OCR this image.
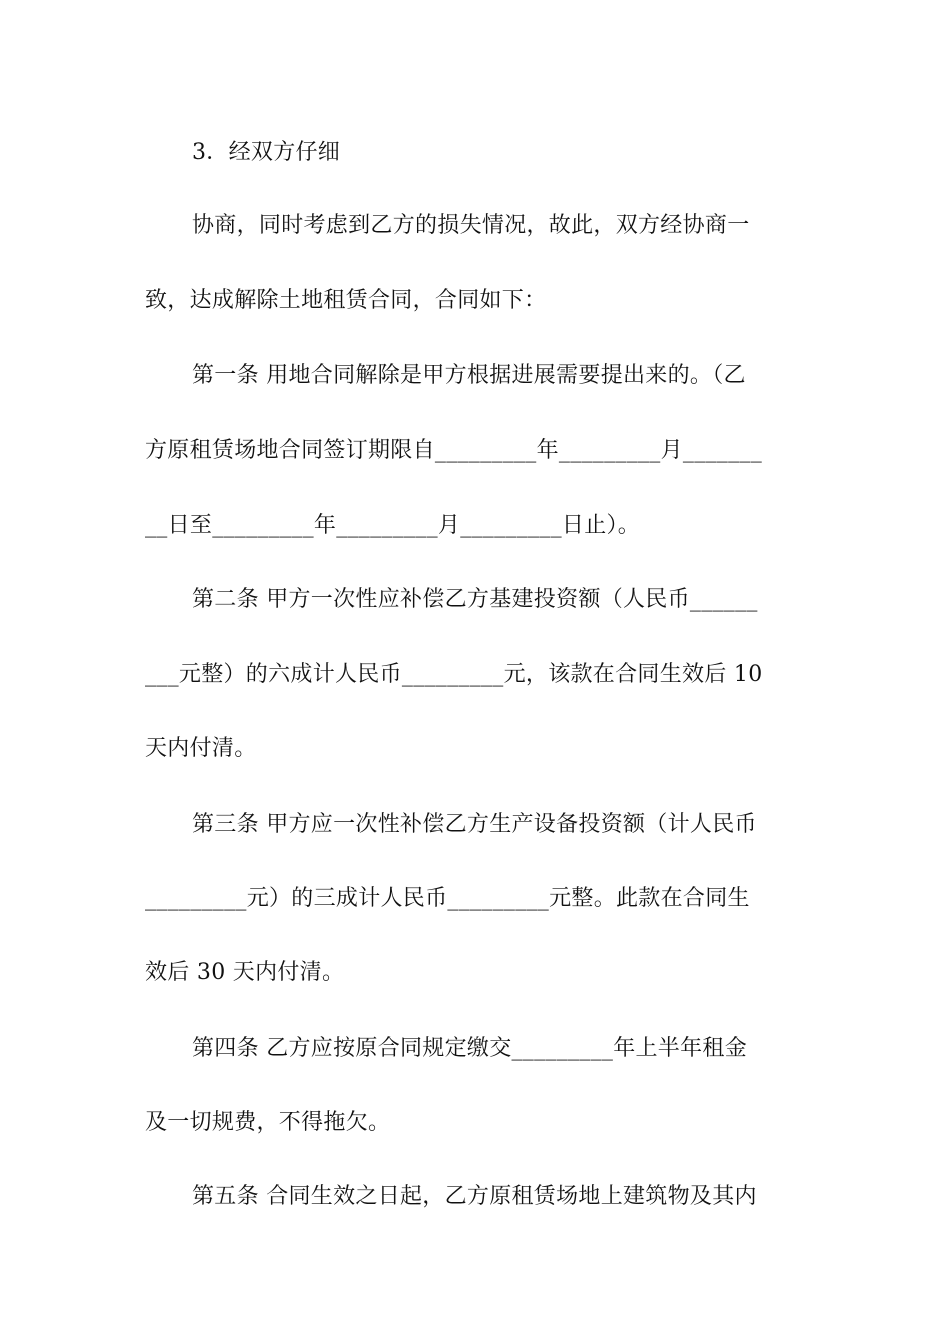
3．经双方仔细
协商，同时考虑到乙方的损失情况，故此，双方经协商一
致，达成解除土地租赁合同，合同如下：
第一条 用地合同解除是甲方根据进展需要提出来的。（乙
方原租赁场地合同签订期限自_________年_________月_______
__日至_________年_________月_________日止）。
第二条 甲方一次性应补偿乙方基建投资额（人民币______
___元整）的六成计人民币_________元，该款在合同生效后 10
天内付清。
第三条 甲方应一次性补偿乙方生产设备投资额（计人民币
_________元）的三成计人民币_________元整。此款在合同生
效后 30 天内付清。
第四条 乙方应按原合同规定缴交_________年上半年租金
及一切规费，不得拖欠。
第五条 合同生效之日起，乙方原租赁场地上建筑物及其内
